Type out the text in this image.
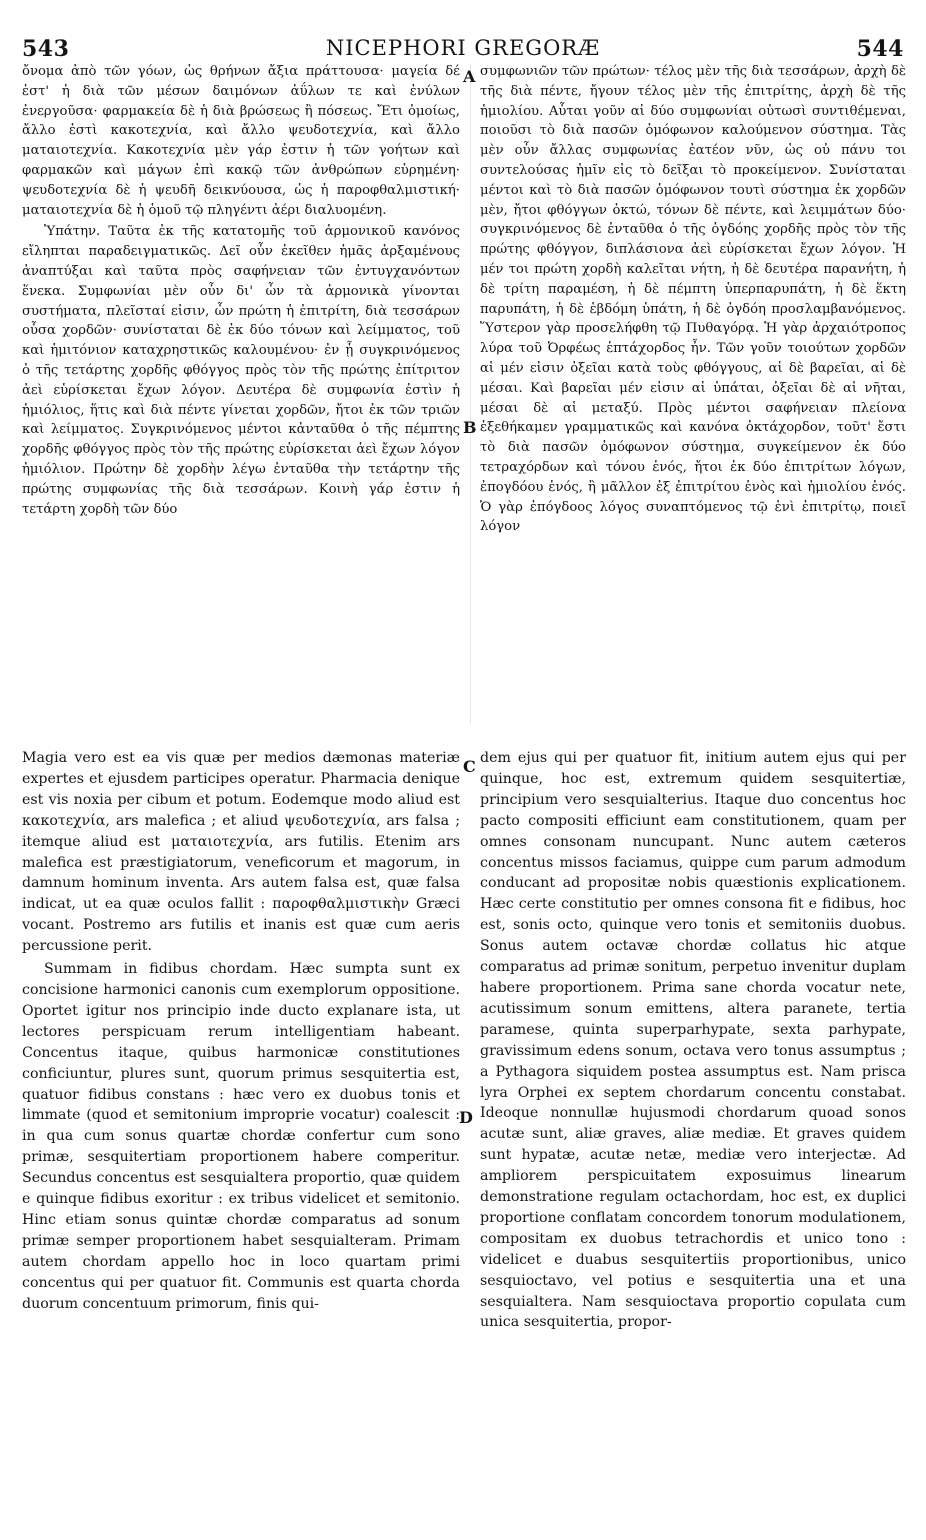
543	NICEPHORI GREGORÆ	544
A
B
C
D

ὄνομα ἀπὸ τῶν γόων, ὡς θρήνων ἄξια πράττουσα· μαγεία δέ ἐστ' ἡ διὰ τῶν μέσων δαιμόνων ἀΰλων τε καὶ ἐνύλων ἐνεργοῦσα· φαρμακεία δὲ ἡ διὰ βρώσεως ἢ πόσεως. Ἔτι ὁμοίως, ἄλλο ἐστὶ κακοτεχνία, καὶ ἄλλο ψευδοτεχνία, καὶ ἄλλο ματαιοτεχνία. Κακοτεχνία μὲν γάρ ἐστιν ἡ τῶν γοήτων καὶ φαρμακῶν καὶ μάγων ἐπὶ κακῷ τῶν ἀνθρώπων εὑρημένη· ψευδοτεχνία δὲ ἡ ψευδῆ δεικνύουσα, ὡς ἡ παροφθαλμιστική· ματαιοτεχνία δὲ ἡ ὁμοῦ τῷ πληγέντι ἀέρι διαλυομένη.

Ὑπάτην. Ταῦτα ἐκ τῆς κατατομῆς τοῦ ἁρμονικοῦ κανόνος εἴληπται παραδειγματικῶς. Δεῖ οὖν ἐκεῖθεν ἡμᾶς ἀρξαμένους ἀναπτύξαι καὶ ταῦτα πρὸς σαφήνειαν τῶν ἐντυγχανόντων ἕνεκα. Συμφωνίαι μὲν οὖν δι' ὧν τὰ ἁρμονικὰ γίνονται συστήματα, πλεῖσταί εἰσιν, ὧν πρώτη ἡ ἐπιτρίτη, διὰ τεσσάρων οὖσα χορδῶν· συνίσταται δὲ ἐκ δύο τόνων καὶ λείμματος, τοῦ καὶ ἡμιτόνιον καταχρηστικῶς καλουμένου· ἐν ᾗ συγκρινόμενος ὁ τῆς τετάρτης χορδῆς φθόγγος πρὸς τὸν τῆς πρώτης ἐπίτριτον ἀεὶ εὑρίσκεται ἔχων λόγον. Δευτέρα δὲ συμφωνία ἐστὶν ἡ ἡμιόλιος, ἥτις καὶ διὰ πέντε γίνεται χορδῶν, ἤτοι ἐκ τῶν τριῶν καὶ λείμματος. Συγκρινόμενος μέντοι κἀνταῦθα ὁ τῆς πέμπτης χορδῆς φθόγγος πρὸς τὸν τῆς πρώτης εὑρίσκεται ἀεὶ ἔχων λόγον ἡμιόλιον. Πρώτην δὲ χορδὴν λέγω ἐνταῦθα τὴν τετάρτην τῆς πρώτης συμφωνίας τῆς διὰ τεσσάρων. Κοινὴ γάρ ἐστιν ἡ τετάρτη χορδὴ τῶν δύο

συμφωνιῶν τῶν πρώτων· τέλος μὲν τῆς διὰ τεσσάρων, ἀρχὴ δὲ τῆς διὰ πέντε, ἤγουν τέλος μὲν τῆς ἐπιτρίτης, ἀρχὴ δὲ τῆς ἡμιολίου. Αὗται γοῦν αἱ δύο συμφωνίαι οὑτωσὶ συντιθέμεναι, ποιοῦσι τὸ διὰ πασῶν ὁμόφωνον καλούμενον σύστημα. Τὰς μὲν οὖν ἄλλας συμφωνίας ἐατέον νῦν, ὡς οὐ πάνυ τοι συντελούσας ἡμῖν εἰς τὸ δεῖξαι τὸ προκείμενον. Συνίσταται μέντοι καὶ τὸ διὰ πασῶν ὁμόφωνον τουτὶ σύστημα ἐκ χορδῶν μὲν, ἤτοι φθόγγων ὀκτώ, τόνων δὲ πέντε, καὶ λειμμάτων δύο· συγκρινόμενος δὲ ἐνταῦθα ὁ τῆς ὀγδόης χορδῆς πρὸς τὸν τῆς πρώτης φθόγγον, διπλάσιονα ἀεὶ εὑρίσκεται ἔχων λόγον. Ἡ μέν τοι πρώτη χορδὴ καλεῖται νήτη, ἡ δὲ δευτέρα παρανήτη, ἡ δὲ τρίτη παραμέση, ἡ δὲ πέμπτη ὑπερπαρυπάτη, ἡ δὲ ἕκτη παρυπάτη, ἡ δὲ ἑβδόμη ὑπάτη, ἡ δὲ ὀγδόη προσλαμβανόμενος. Ὕστερον γὰρ προσελήφθη τῷ Πυθαγόρᾳ. Ἡ γὰρ ἀρχαιότροπος λύρα τοῦ Ὀρφέως ἑπτάχορδος ἦν. Τῶν γοῦν τοιούτων χορδῶν αἱ μέν εἰσιν ὀξεῖαι κατὰ τοὺς φθόγγους, αἱ δὲ βαρεῖαι, αἱ δὲ μέσαι. Καὶ βαρεῖαι μέν εἰσιν αἱ ὑπάται, ὀξεῖαι δὲ αἱ νῆται, μέσαι δὲ αἱ μεταξύ. Πρὸς μέντοι σαφήνειαν πλείονα ἐξεθήκαμεν γραμματικῶς καὶ κανόνα ὀκτάχορδον, τοῦτ' ἔστι τὸ διὰ πασῶν ὁμόφωνον σύστημα, συγκείμενον ἐκ δύο τετραχόρδων καὶ τόνου ἑνός, ἤτοι ἐκ δύο ἐπιτρίτων λόγων, ἐπογδόου ἑνός, ἢ μᾶλλον ἐξ ἐπιτρίτου ἑνὸς καὶ ἡμιολίου ἑνός. Ὁ γὰρ ἐπόγδοος λόγος συναπτόμενος τῷ ἑνὶ ἐπιτρίτῳ, ποιεῖ λόγον

Magia vero est ea vis quæ per medios dæmonas materiæ expertes et ejusdem participes operatur. Pharmacia denique est vis noxia per cibum et potum. Eodemque modo aliud est κακοτεχνία, ars malefica ; et aliud ψευδοτεχνία, ars falsa ; itemque aliud est ματαιοτεχνία, ars futilis. Etenim ars malefica est præstigiatorum, veneficorum et magorum, in damnum hominum inventa. Ars autem falsa est, quæ falsa indicat, ut ea quæ oculos fallit : παροφθαλμιστικὴν Græci vocant. Postremo ars futilis et inanis est quæ cum aeris percussione perit.

Summam in fidibus chordam. Hæc sumpta sunt ex concisione harmonici canonis cum exemplorum oppositione. Oportet igitur nos principio inde ducto explanare ista, ut lectores perspicuam rerum intelligentiam habeant. Concentus itaque, quibus harmonicæ constitutiones conficiuntur, plures sunt, quorum primus sesquitertia est, quatuor fidibus constans : hæc vero ex duobus tonis et limmate (quod et semitonium improprie vocatur) coalescit : in qua cum sonus quartæ chordæ confertur cum sono primæ, sesquitertiam proportionem habere comperitur. Secundus concentus est sesquialtera proportio, quæ quidem e quinque fidibus exoritur : ex tribus videlicet et semitonio. Hinc etiam sonus quintæ chordæ comparatus ad sonum primæ semper proportionem habet sesquialteram. Primam autem chordam appello hoc in loco quartam primi concentus qui per quatuor fit. Communis est quarta chorda duorum concentuum primorum, finis qui-

dem ejus qui per quatuor fit, initium autem ejus qui per quinque, hoc est, extremum quidem sesquitertiæ, principium vero sesquialterius. Itaque duo concentus hoc pacto compositi efficiunt eam constitutionem, quam per omnes consonam nuncupant. Nunc autem cæteros concentus missos faciamus, quippe cum parum admodum conducant ad propositæ nobis quæstionis explicationem. Hæc certe constitutio per omnes consona fit e fidibus, hoc est, sonis octo, quinque vero tonis et semitoniis duobus. Sonus autem octavæ chordæ collatus hic atque comparatus ad primæ sonitum, perpetuo invenitur duplam habere proportionem. Prima sane chorda vocatur nete, acutissimum sonum emittens, altera paranete, tertia paramese, quinta superparhypate, sexta parhypate, gravissimum edens sonum, octava vero tonus assumptus ; a Pythagora siquidem postea assumptus est. Nam prisca lyra Orphei ex septem chordarum concentu constabat. Ideoque nonnullæ hujusmodi chordarum quoad sonos acutæ sunt, aliæ graves, aliæ mediæ. Et graves quidem sunt hypatæ, acutæ netæ, mediæ vero interjectæ. Ad ampliorem perspicuitatem exposuimus linearum demonstratione regulam octachordam, hoc est, ex duplici proportione conflatam concordem tonorum modulationem, compositam ex duobus tetrachordis et unico tono : videlicet e duabus sesquitertiis proportionibus, unico sesquioctavo, vel potius e sesquitertia una et una sesquialtera. Nam sesquioctava proportio copulata cum unica sesquitertia, propor-
